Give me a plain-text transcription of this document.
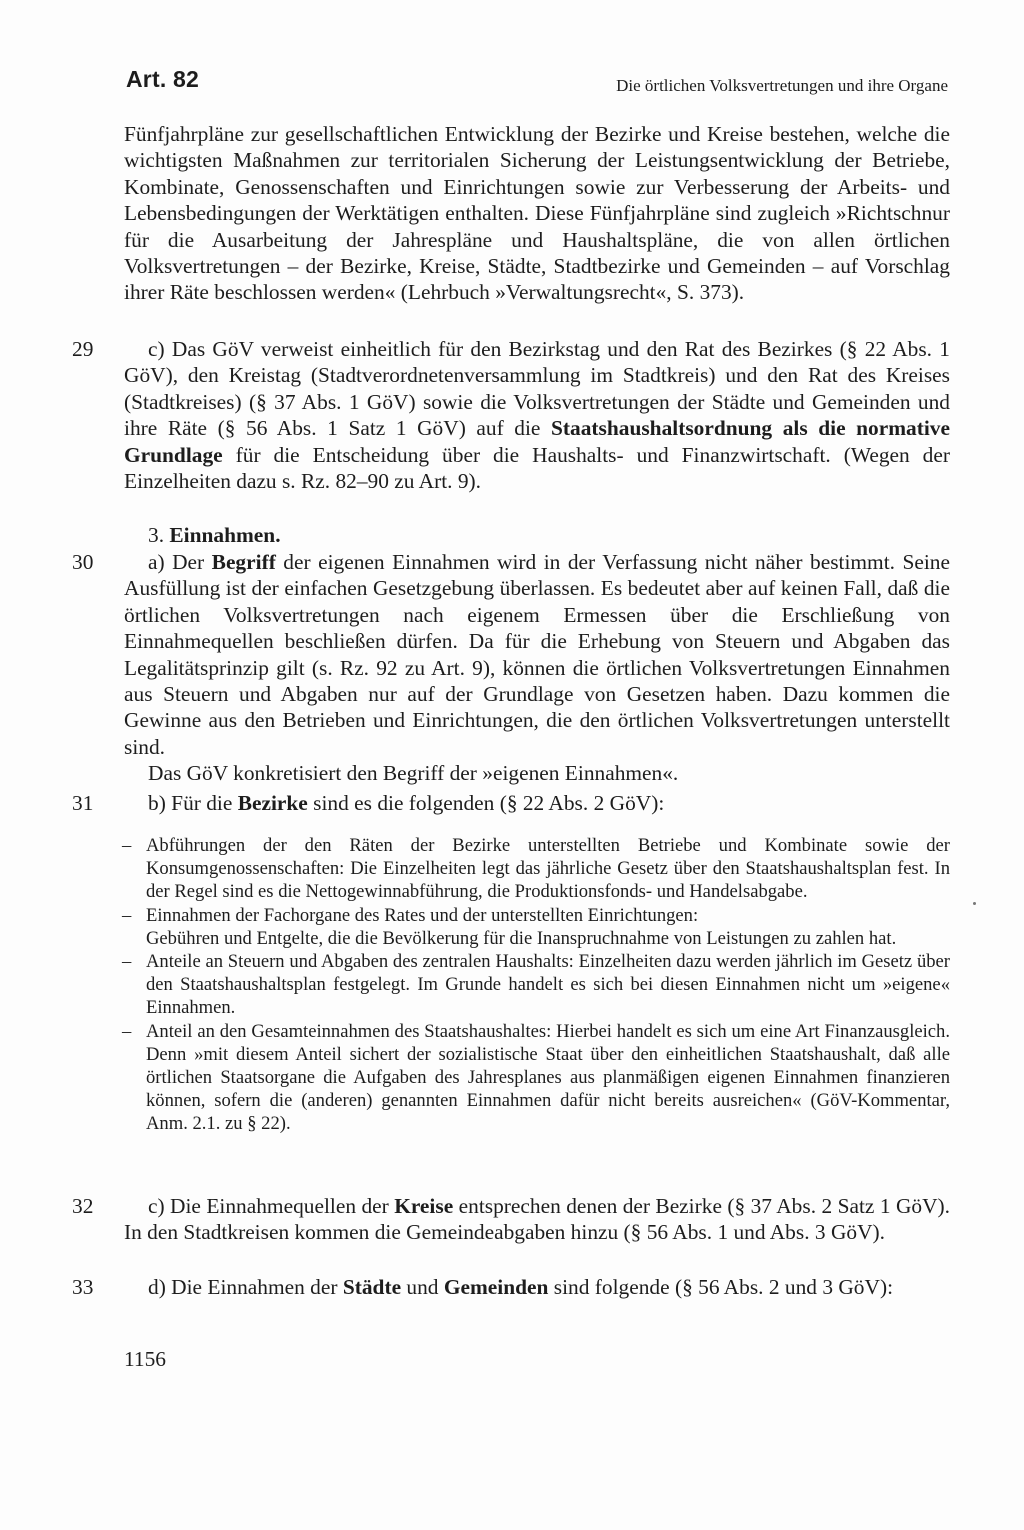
Art. 82	Die örtlichen Volksvertretungen und ihre Organe

Fünfjahrpläne zur gesellschaftlichen Entwicklung der Bezirke und Kreise bestehen, welche die wichtigsten Maßnahmen zur territorialen Sicherung der Leistungsentwicklung der Betriebe, Kombinate, Genossenschaften und Einrichtungen sowie zur Verbesserung der Arbeits- und Lebensbedingungen der Werktätigen enthalten. Diese Fünfjahrpläne sind zugleich »Richtschnur für die Ausarbeitung der Jahrespläne und Haushaltspläne, die von allen örtlichen Volksvertretungen – der Bezirke, Kreise, Städte, Stadtbezirke und Gemeinden – auf Vorschlag ihrer Räte beschlossen werden« (Lehrbuch »Verwaltungsrecht«, S. 373).

29	c) Das GöV verweist einheitlich für den Bezirkstag und den Rat des Bezirkes (§ 22 Abs. 1 GöV), den Kreistag (Stadtverordnetenversammlung im Stadtkreis) und den Rat des Kreises (Stadtkreises) (§ 37 Abs. 1 GöV) sowie die Volksvertretungen der Städte und Gemeinden und ihre Räte (§ 56 Abs. 1 Satz 1 GöV) auf die Staatshaushaltsordnung als die normative Grundlage für die Entscheidung über die Haushalts- und Finanzwirtschaft. (Wegen der Einzelheiten dazu s. Rz. 82–90 zu Art. 9).

3. Einnahmen.
30	a) Der Begriff der eigenen Einnahmen wird in der Verfassung nicht näher bestimmt. Seine Ausfüllung ist der einfachen Gesetzgebung überlassen. Es bedeutet aber auf keinen Fall, daß die örtlichen Volksvertretungen nach eigenem Ermessen über die Erschließung von Einnahmequellen beschließen dürfen. Da für die Erhebung von Steuern und Abgaben das Legalitätsprinzip gilt (s. Rz. 92 zu Art. 9), können die örtlichen Volksvertretungen Einnahmen aus Steuern und Abgaben nur auf der Grundlage von Gesetzen haben. Dazu kommen die Gewinne aus den Betrieben und Einrichtungen, die den örtlichen Volksvertretungen unterstellt sind.

Das GöV konkretisiert den Begriff der »eigenen Einnahmen«.

31	b) Für die Bezirke sind es die folgenden (§ 22 Abs. 2 GöV):

– Abführungen der den Räten der Bezirke unterstellten Betriebe und Kombinate sowie der Konsumgenossenschaften: Die Einzelheiten legt das jährliche Gesetz über den Staatshaushaltsplan fest. In der Regel sind es die Nettogewinnabführung, die Produktionsfonds- und Handelsabgabe.
– Einnahmen der Fachorgane des Rates und der unterstellten Einrichtungen:
Gebühren und Entgelte, die die Bevölkerung für die Inanspruchnahme von Leistungen zu zahlen hat.
– Anteile an Steuern und Abgaben des zentralen Haushalts: Einzelheiten dazu werden jährlich im Gesetz über den Staatshaushaltsplan festgelegt. Im Grunde handelt es sich bei diesen Einnahmen nicht um »eigene« Einnahmen.
– Anteil an den Gesamteinnahmen des Staatshaushaltes: Hierbei handelt es sich um eine Art Finanzausgleich. Denn »mit diesem Anteil sichert der sozialistische Staat über den einheitlichen Staatshaushalt, daß alle örtlichen Staatsorgane die Aufgaben des Jahresplanes aus planmäßigen eigenen Einnahmen finanzieren können, sofern die (anderen) genannten Einnahmen dafür nicht bereits ausreichen« (GöV-Kommentar, Anm. 2.1. zu § 22).
32	c) Die Einnahmequellen der Kreise entsprechen denen der Bezirke (§ 37 Abs. 2 Satz 1 GöV). In den Stadtkreisen kommen die Gemeindeabgaben hinzu (§ 56 Abs. 1 und Abs. 3 GöV).

33	d) Die Einnahmen der Städte und Gemeinden sind folgende (§ 56 Abs. 2 und 3 GöV):

1156
